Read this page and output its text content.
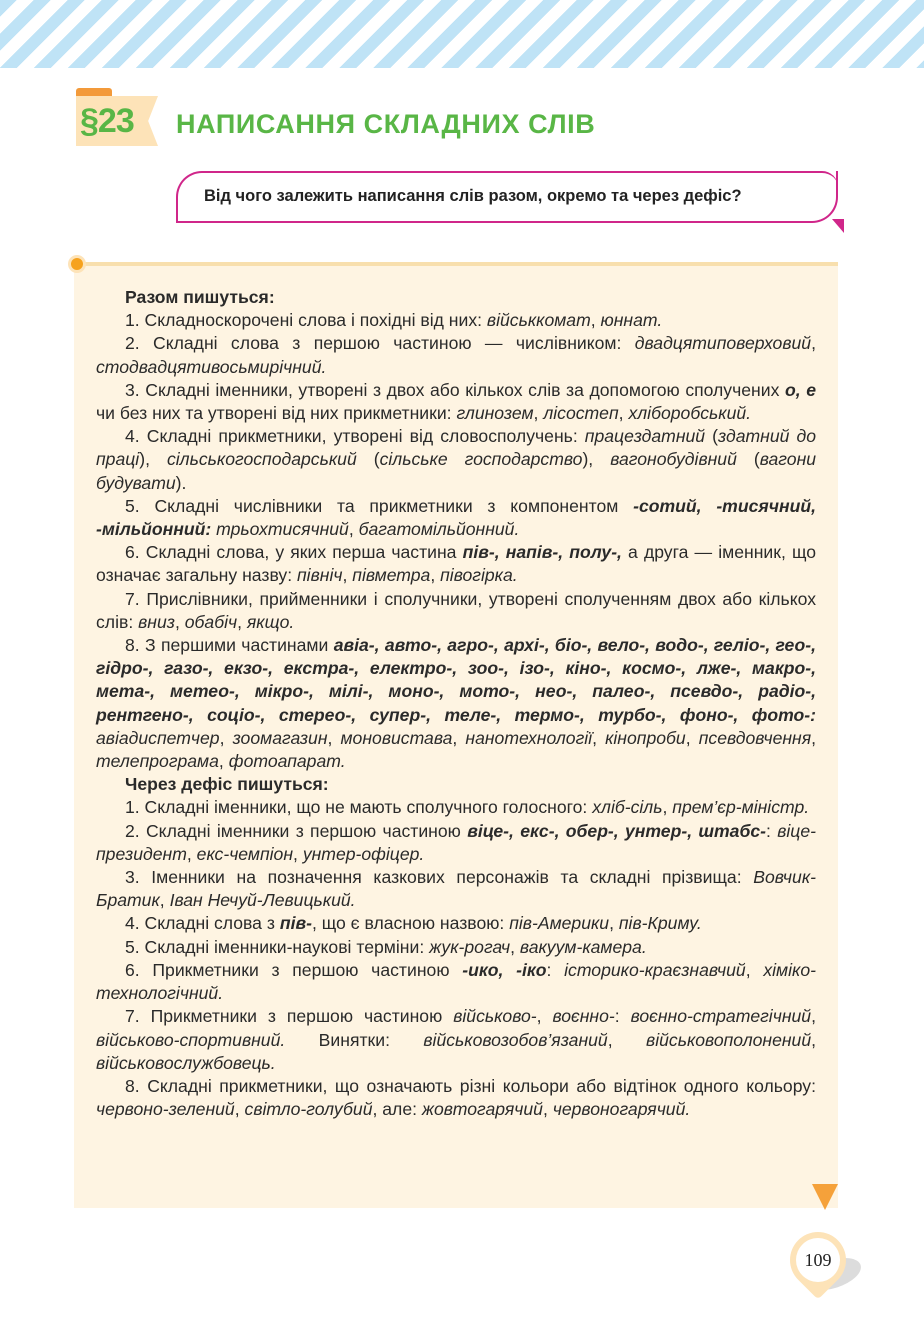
§23	НАПИСАННЯ СКЛАДНИХ СЛІВ
Від чого залежить написання слів разом, окремо та через дефіс?
Разом пишуться:

1. Складноскорочені слова і похідні від них: військкомат, юннат.

2. Складні слова з першою частиною — числівником: двадцятиповерховий, стодвадцятивосьмирічний.

3. Складні іменники, утворені з двох або кількох слів за допомогою сполучених о, е чи без них та утворені від них прикметники: глинозем, лісостеп, хліборобський.

4. Складні прикметники, утворені від словосполучень: працездатний (здатний до праці), сільськогосподарський (сільське господарство), вагонобудівний (вагони будувати).

5. Складні числівники та прикметники з компонентом -сотий, -тисячний, -мільйонний: трьохтисячний, багатомільйонний.

6. Складні слова, у яких перша частина пів-, напів-, полу-, а друга — іменник, що означає загальну назву: північ, півметра, півогірка.

7. Прислівники, прийменники і сполучники, утворені сполученням двох або кількох слів: вниз, обабіч, якщо.

8. З першими частинами авіа-, авто-, агро-, архі-, біо-, вело-, водо-, геліо-, гео-, гідро-, газо-, екзо-, екстра-, електро-, зоо-, ізо-, кіно-, космо-, лже-, макро-, мета-, метео-, мікро-, мілі-, моно-, мото-, нео-, палео-, псевдо-, радіо-, рентгено-, соціо-, стерео-, супер-, теле-, термо-, турбо-, фоно-, фото-: авіадиспетчер, зоомагазин, моновистава, нанотехнології, кінопроби, псевдовчення, телепрограма, фотоапарат.

Через дефіс пишуться:

1. Складні іменники, що не мають сполучного голосного: хліб-сіль, прем’єр-міністр.

2. Складні іменники з першою частиною віце-, екс-, обер-, унтер-, штабс-: віце-президент, екс-чемпіон, унтер-офіцер.

3. Іменники на позначення казкових персонажів та складні прізвища: Вовчик-Братик, Іван Нечуй-Левицький.

4. Складні слова з пів-, що є власною назвою: пів-Америки, пів-Криму.

5. Складні іменники-наукові терміни: жук-рогач, вакуум-камера.

6. Прикметники з першою частиною -ико, -іко: історико-краєзнавчий, хіміко-технологічний.

7. Прикметники з першою частиною військово-, воєнно-: воєнно-стратегічний, військово-спортивний. Винятки: військовозобов’язаний, військовополонений, військовослужбовець.

8. Складні прикметники, що означають різні кольори або відтінок одного кольору: червоно-зелений, світло-голубий, але: жовтогарячий, червоногарячий.

109
